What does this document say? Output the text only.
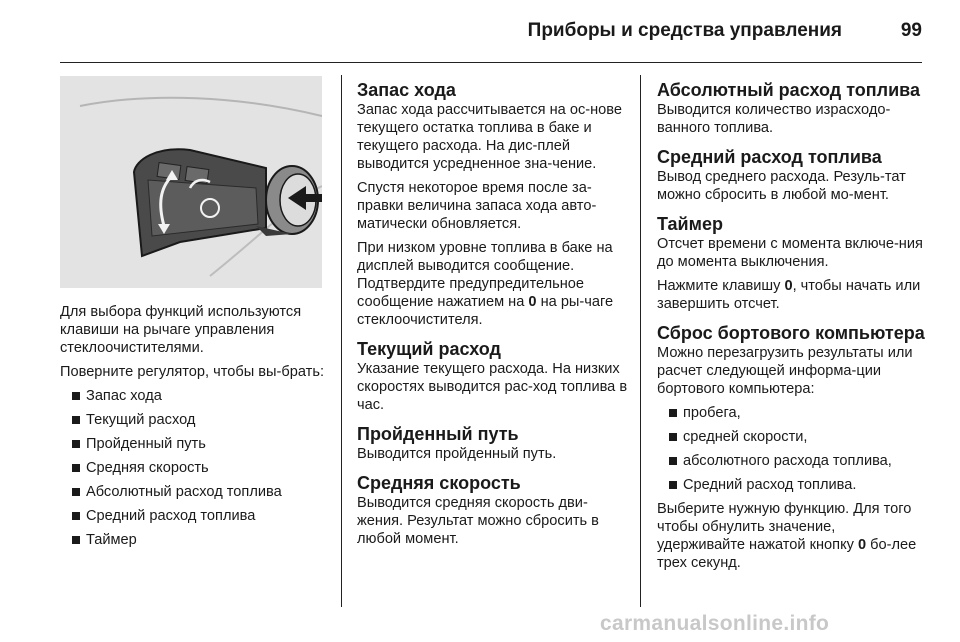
Приборы и средства управления	99

Для выбора функций используются клавиши на рычаге управления стеклоочистителями.

Поверните регулятор, чтобы вы-брать:

Запас хода
Текущий расход
Пройденный путь
Средняя скорость
Абсолютный расход топлива
Средний расход топлива
Таймер
Запас хода

Запас хода рассчитывается на ос-нове текущего остатка топлива в баке и текущего расхода. На дис-плей выводится усредненное зна-чение.

Спустя некоторое время после за-правки величина запаса хода авто-матически обновляется.

При низком уровне топлива в баке на дисплей выводится сообщение. Подтвердите предупредительное сообщение нажатием на 0 на ры-чаге стеклоочистителя.

Текущий расход

Указание текущего расхода. На низких скоростях выводится рас-ход топлива в час.

Пройденный путь

Выводится пройденный путь.

Средняя скорость

Выводится средняя скорость дви-жения. Результат можно сбросить в любой момент.

Абсолютный расход топлива

Выводится количество израсходо-ванного топлива.

Средний расход топлива

Вывод среднего расхода. Резуль-тат можно сбросить в любой мо-мент.

Таймер

Отсчет времени с момента включе-ния до момента выключения.

Нажмите клавишу 0, чтобы начать или завершить отсчет.

Сброс бортового компьютера

Можно перезагрузить результаты или расчет следующей информа-ции бортового компьютера:

пробега,
средней скорости,
абсолютного расхода топлива,
Средний расход топлива.

Выберите нужную функцию. Для того чтобы обнулить значение, удерживайте нажатой кнопку 0 бо-лее трех секунд.

carmanualsonline.info
